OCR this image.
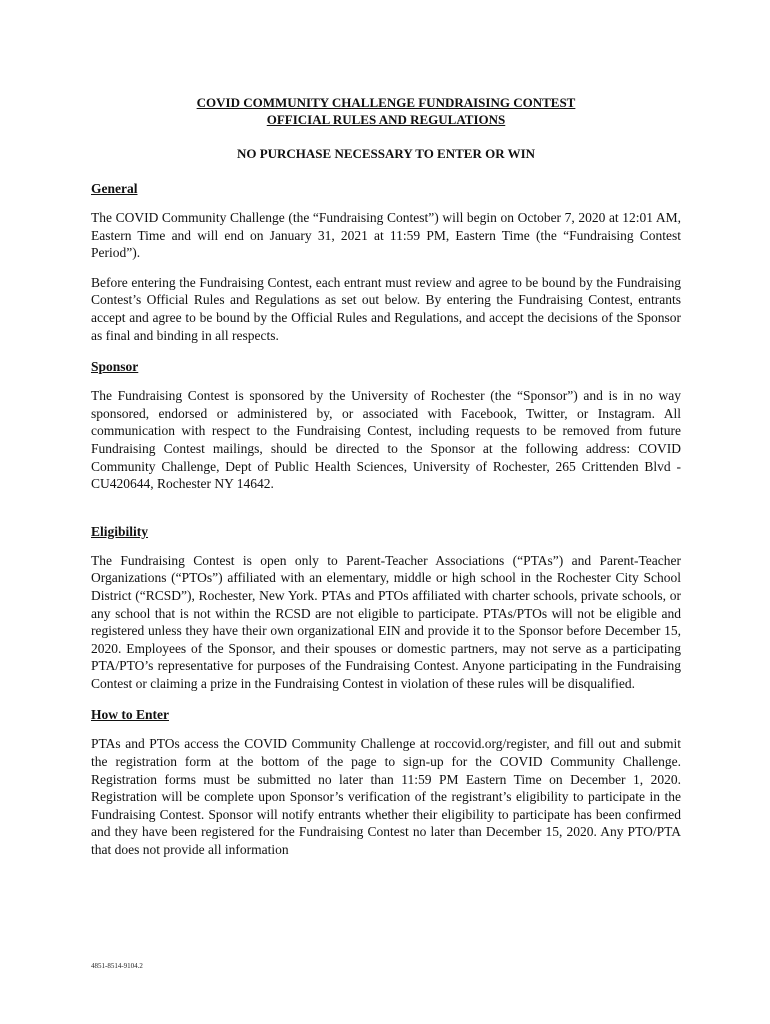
COVID COMMUNITY CHALLENGE FUNDRAISING CONTEST

OFFICIAL RULES AND REGULATIONS

NO PURCHASE NECESSARY TO ENTER OR WIN

General

The COVID Community Challenge (the “Fundraising Contest”) will begin on October 7, 2020 at 12:01 AM, Eastern Time and will end on January 31, 2021 at 11:59 PM, Eastern Time (the “Fundraising Contest Period”).

Before entering the Fundraising Contest, each entrant must review and agree to be bound by the Fundraising Contest’s Official Rules and Regulations as set out below. By entering the Fundraising Contest, entrants accept and agree to be bound by the Official Rules and Regulations, and accept the decisions of the Sponsor as final and binding in all respects.

Sponsor

The Fundraising Contest is sponsored by the University of Rochester (the “Sponsor”) and is in no way sponsored, endorsed or administered by, or associated with Facebook, Twitter, or Instagram. All communication with respect to the Fundraising Contest, including requests to be removed from future Fundraising Contest mailings, should be directed to the Sponsor at the following address: COVID Community Challenge, Dept of Public Health Sciences, University of Rochester, 265 Crittenden Blvd - CU420644, Rochester NY 14642.

Eligibility

The Fundraising Contest is open only to Parent-Teacher Associations (“PTAs”) and Parent-Teacher Organizations (“PTOs”) affiliated with an elementary, middle or high school in the Rochester City School District (“RCSD”), Rochester, New York. PTAs and PTOs affiliated with charter schools, private schools, or any school that is not within the RCSD are not eligible to participate. PTAs/PTOs will not be eligible and registered unless they have their own organizational EIN and provide it to the Sponsor before December 15, 2020. Employees of the Sponsor, and their spouses or domestic partners, may not serve as a participating PTA/PTO’s representative for purposes of the Fundraising Contest. Anyone participating in the Fundraising Contest or claiming a prize in the Fundraising Contest in violation of these rules will be disqualified.

How to Enter

PTAs and PTOs access the COVID Community Challenge at roccovid.org/register, and fill out and submit the registration form at the bottom of the page to sign-up for the COVID Community Challenge. Registration forms must be submitted no later than 11:59 PM Eastern Time on December 1, 2020. Registration will be complete upon Sponsor’s verification of the registrant’s eligibility to participate in the Fundraising Contest. Sponsor will notify entrants whether their eligibility to participate has been confirmed and they have been registered for the Fundraising Contest no later than December 15, 2020. Any PTO/PTA that does not provide all information

4851-8514-9104.2
